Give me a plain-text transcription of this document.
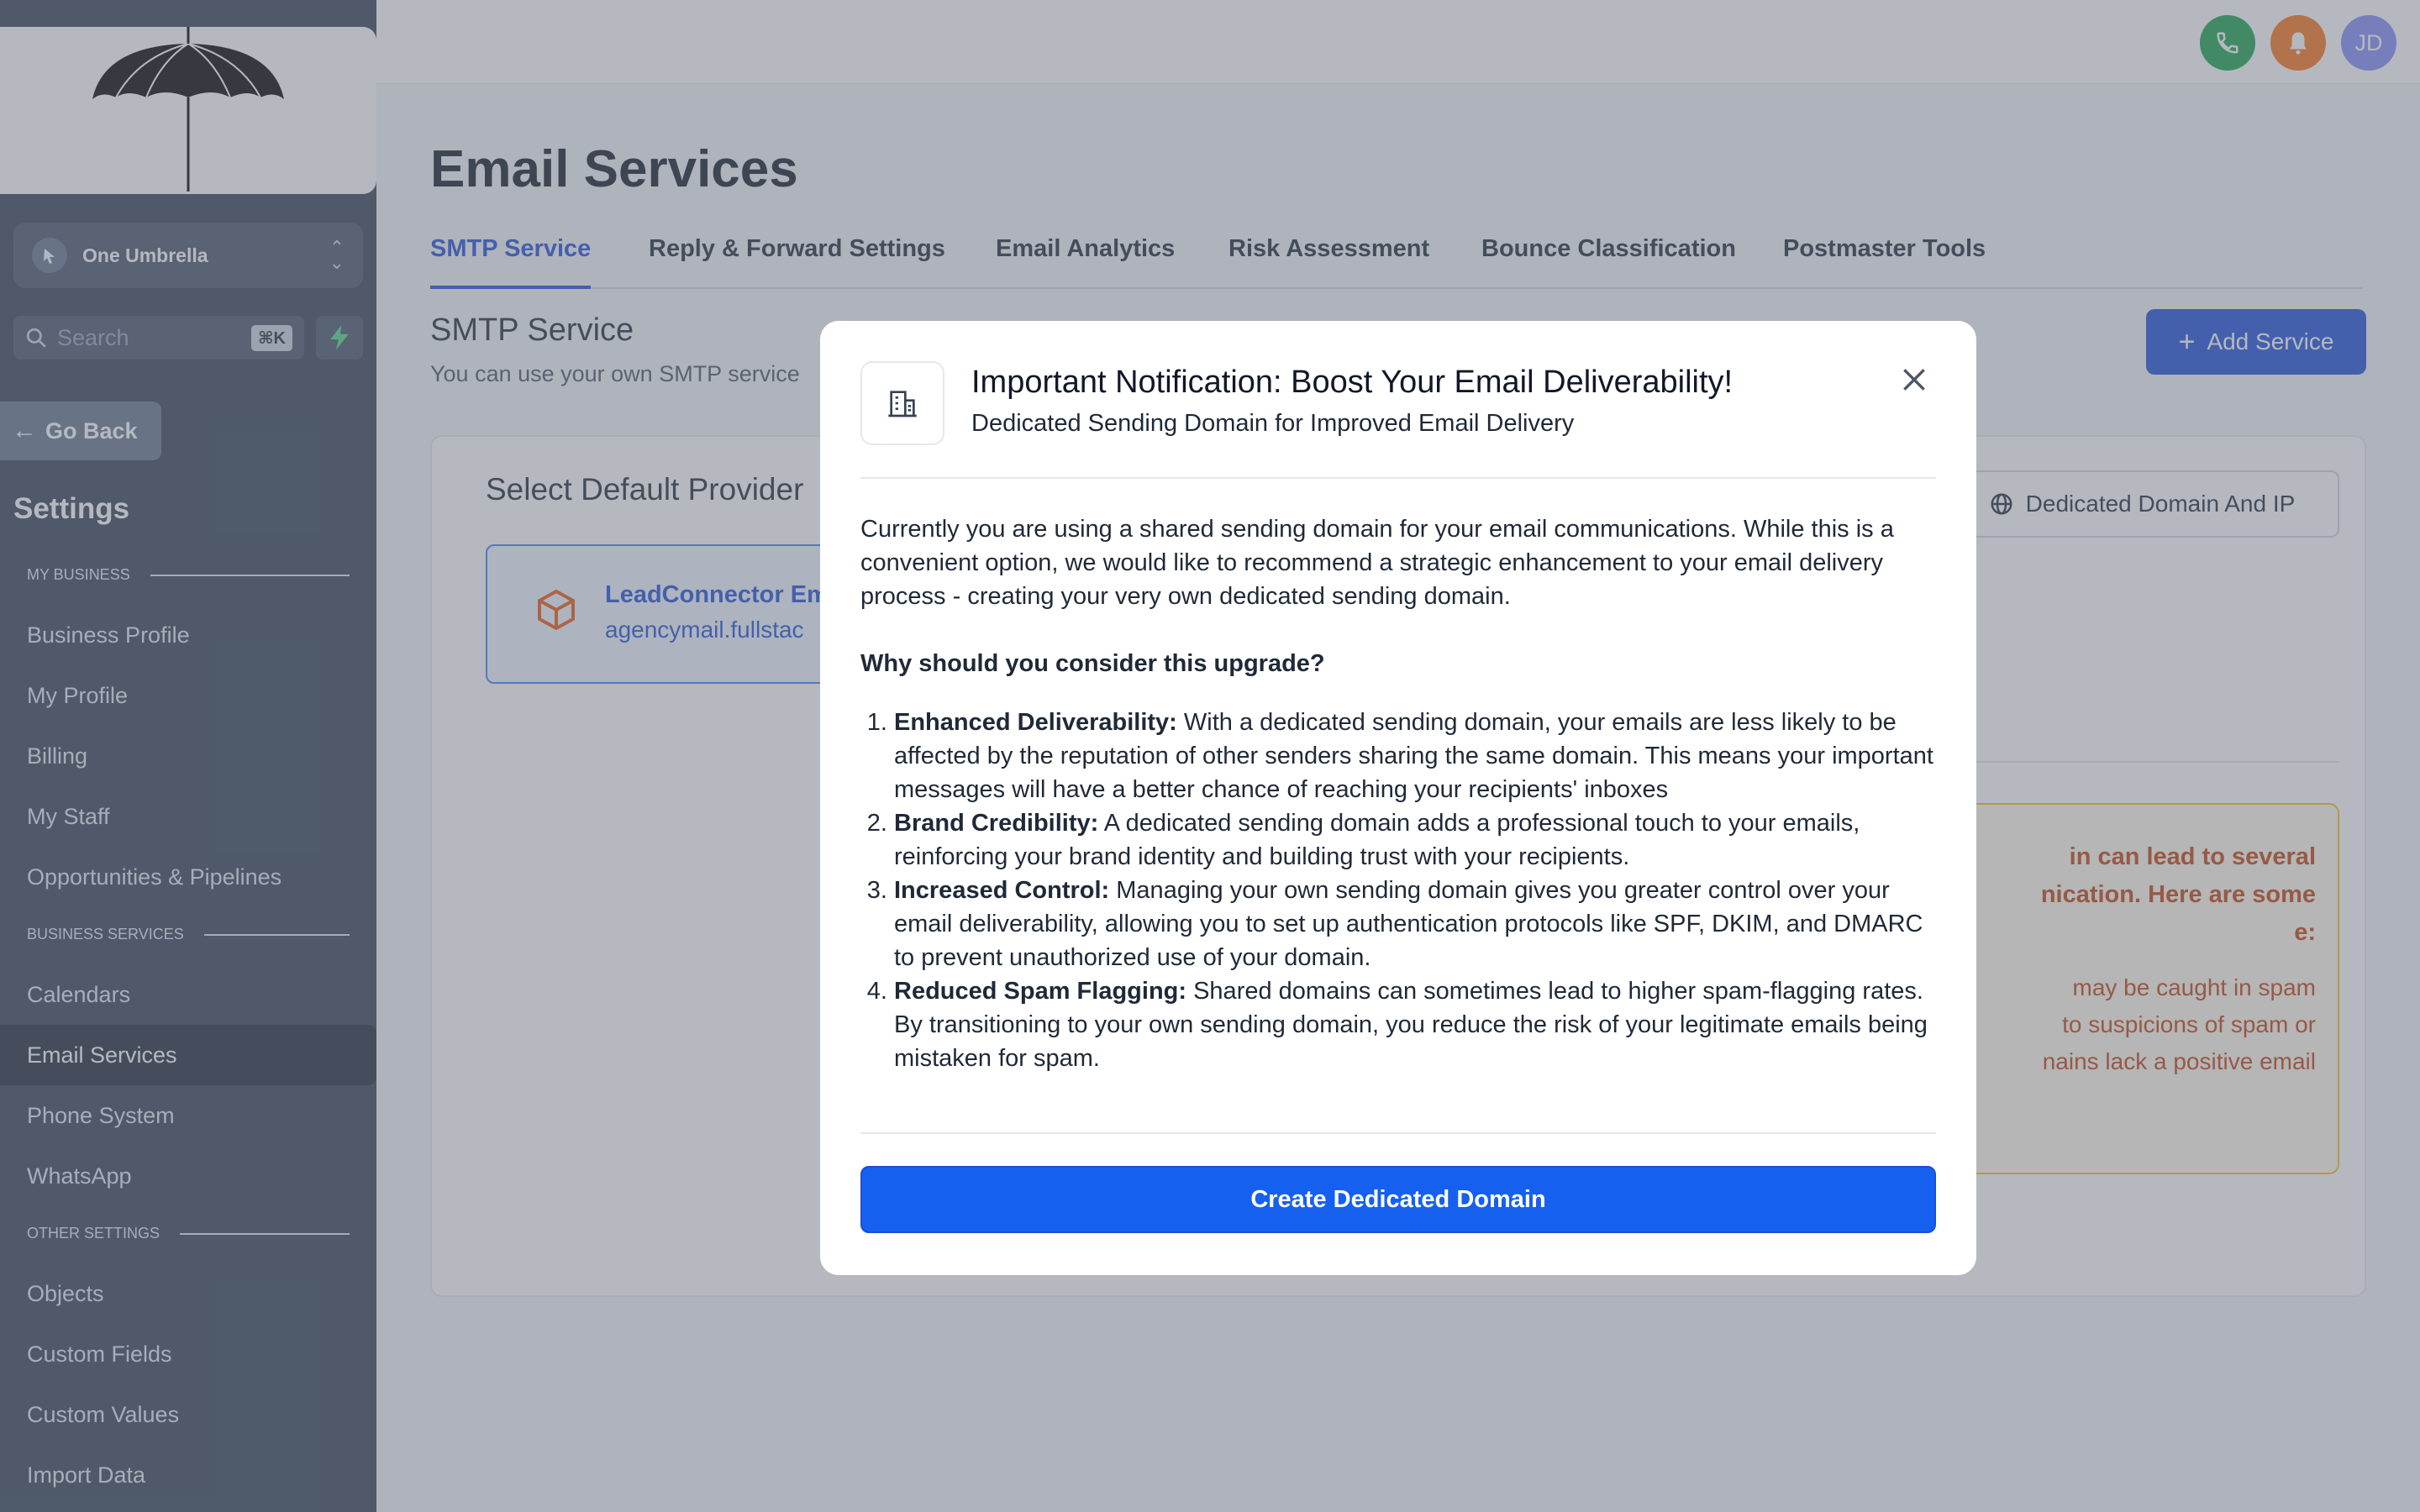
Important Notification: Boost Your Email Deliverability!
Dedicated Sending Domain for Improved Email Delivery

Currently you are using a shared sending domain for your email communications. While this is a convenient option, we would like to recommend a strategic enhancement to your email delivery process - creating your very own dedicated sending domain.

Why should you consider this upgrade?

1. Enhanced Deliverability: With a dedicated sending domain, your emails are less likely to be affected by the reputation of other senders sharing the same domain. This means your important messages will have a better chance of reaching your recipients' inboxes
2. Brand Credibility: A dedicated sending domain adds a professional touch to your emails, reinforcing your brand identity and building trust with your recipients.
3. Increased Control: Managing your own sending domain gives you greater control over your email deliverability, allowing you to set up authentication protocols like SPF, DKIM, and DMARC to prevent unauthorized use of your domain.
4. Reduced Spam Flagging: Shared domains can sometimes lead to higher spam-flagging rates. By transitioning to your own sending domain, you reduce the risk of your legitimate emails being mistaken for spam.
Create Dedicated Domain
